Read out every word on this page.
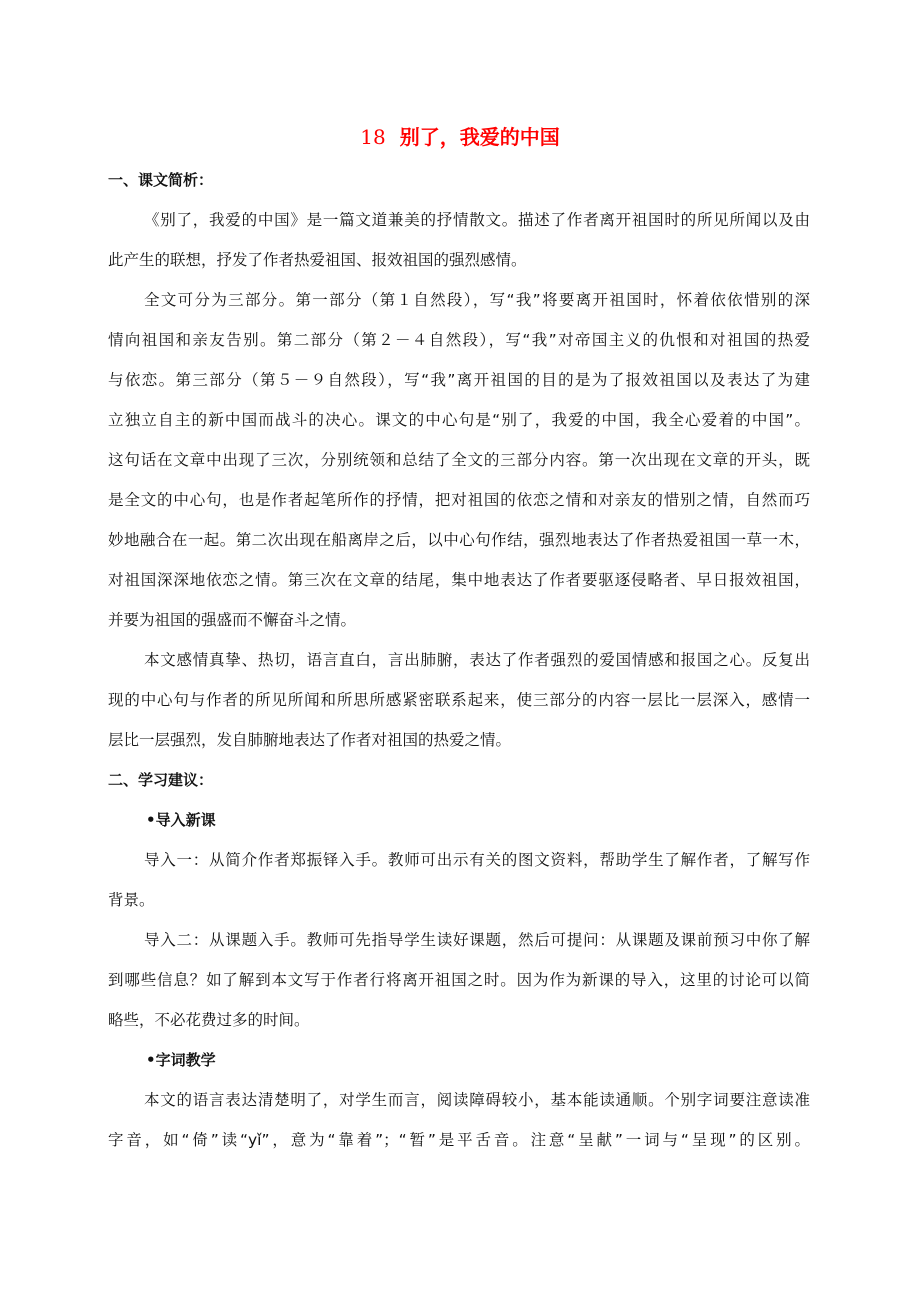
18 别了，我爱的中国
一、课文简析：
《别了，我爱的中国》是一篇文道兼美的抒情散文。描述了作者离开祖国时的所见所闻以及由
此产生的联想，抒发了作者热爱祖国、报效祖国的强烈感情。
全文可分为三部分。第一部分（第１自然段），写“我”将要离开祖国时，怀着依依惜别的深
情向祖国和亲友告别。第二部分（第２－４自然段），写“我”对帝国主义的仇恨和对祖国的热爱
与依恋。第三部分（第５－９自然段），写“我”离开祖国的目的是为了报效祖国以及表达了为建
立独立自主的新中国而战斗的决心。课文的中心句是“别了，我爱的中国，我全心爱着的中国”。
这句话在文章中出现了三次，分别统领和总结了全文的三部分内容。第一次出现在文章的开头，既
是全文的中心句，也是作者起笔所作的抒情，把对祖国的依恋之情和对亲友的惜别之情，自然而巧
妙地融合在一起。第二次出现在船离岸之后，以中心句作结，强烈地表达了作者热爱祖国一草一木，
对祖国深深地依恋之情。第三次在文章的结尾，集中地表达了作者要驱逐侵略者、早日报效祖国，
并要为祖国的强盛而不懈奋斗之情。
本文感情真挚、热切，语言直白，言出肺腑，表达了作者强烈的爱国情感和报国之心。反复出
现的中心句与作者的所见所闻和所思所感紧密联系起来，使三部分的内容一层比一层深入，感情一
层比一层强烈，发自肺腑地表达了作者对祖国的热爱之情。
二、学习建议：
•导入新课
导入一：从简介作者郑振铎入手。教师可出示有关的图文资料，帮助学生了解作者，了解写作
背景。
导入二：从课题入手。教师可先指导学生读好课题，然后可提问：从课题及课前预习中你了解
到哪些信息？如了解到本文写于作者行将离开祖国之时。因为作为新课的导入，这里的讨论可以简
略些，不必花费过多的时间。
•字词教学
本文的语言表达清楚明了，对学生而言，阅读障碍较小，基本能读通顺。个别字词要注意读准
字音，如“倚”读“yǐ”，意为“靠着”；“暂”是平舌音。注意“呈献”一词与“呈现”的区别。
